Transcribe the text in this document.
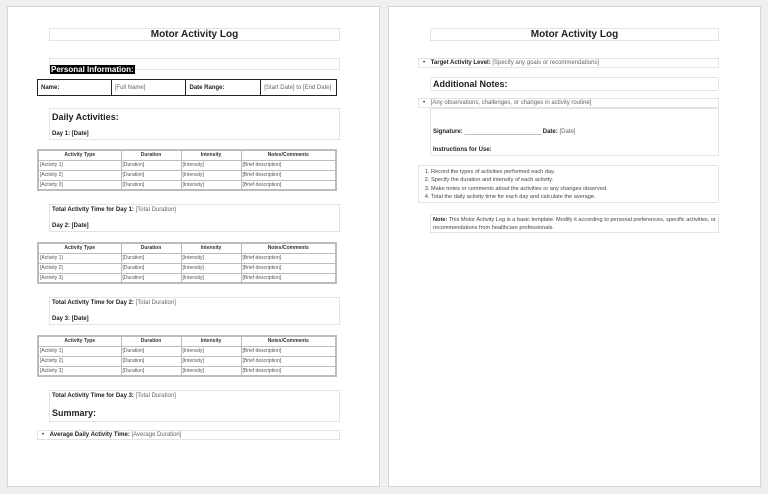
Motor Activity Log
Personal Information:
Name:	[Full Name]	Date Range:	[Start Date] to [End Date]
Daily Activities:
Day 1: [Date]
Activity Type	Duration	Intensity	Notes/Comments
[Activity 1]	[Duration]	[Intensity]	[Brief description]
[Activity 2]	[Duration]	[Intensity]	[Brief description]
[Activity 3]	[Duration]	[Intensity]	[Brief description]
Total Activity Time for Day 1: [Total Duration]
Day 2: [Date]
Activity Type	Duration	Intensity	Notes/Comments
[Activity 1]	[Duration]	[Intensity]	[Brief description]
[Activity 2]	[Duration]	[Intensity]	[Brief description]
[Activity 3]	[Duration]	[Intensity]	[Brief description]
Total Activity Time for Day 2: [Total Duration]
Day 3: [Date]
Activity Type	Duration	Intensity	Notes/Comments
[Activity 1]	[Duration]	[Intensity]	[Brief description]
[Activity 2]	[Duration]	[Intensity]	[Brief description]
[Activity 3]	[Duration]	[Intensity]	[Brief description]
Total Activity Time for Day 3: [Total Duration]
Summary:
• Average Daily Activity Time: [Average Duration]
Motor Activity Log
• Target Activity Level: [Specify any goals or recommendations]
Additional Notes:
• [Any observations, challenges, or changes in activity routine]
Signature: _______________________ Date: [Date]
Instructions for Use:
1. Record the types of activities performed each day.
2. Specify the duration and intensity of each activity.
3. Make notes or comments about the activities or any changes observed.
4. Total the daily activity time for each day and calculate the average.
Note: This Motor Activity Log is a basic template. Modify it according to personal preferences, specific activities, or recommendations from healthcare professionals.
